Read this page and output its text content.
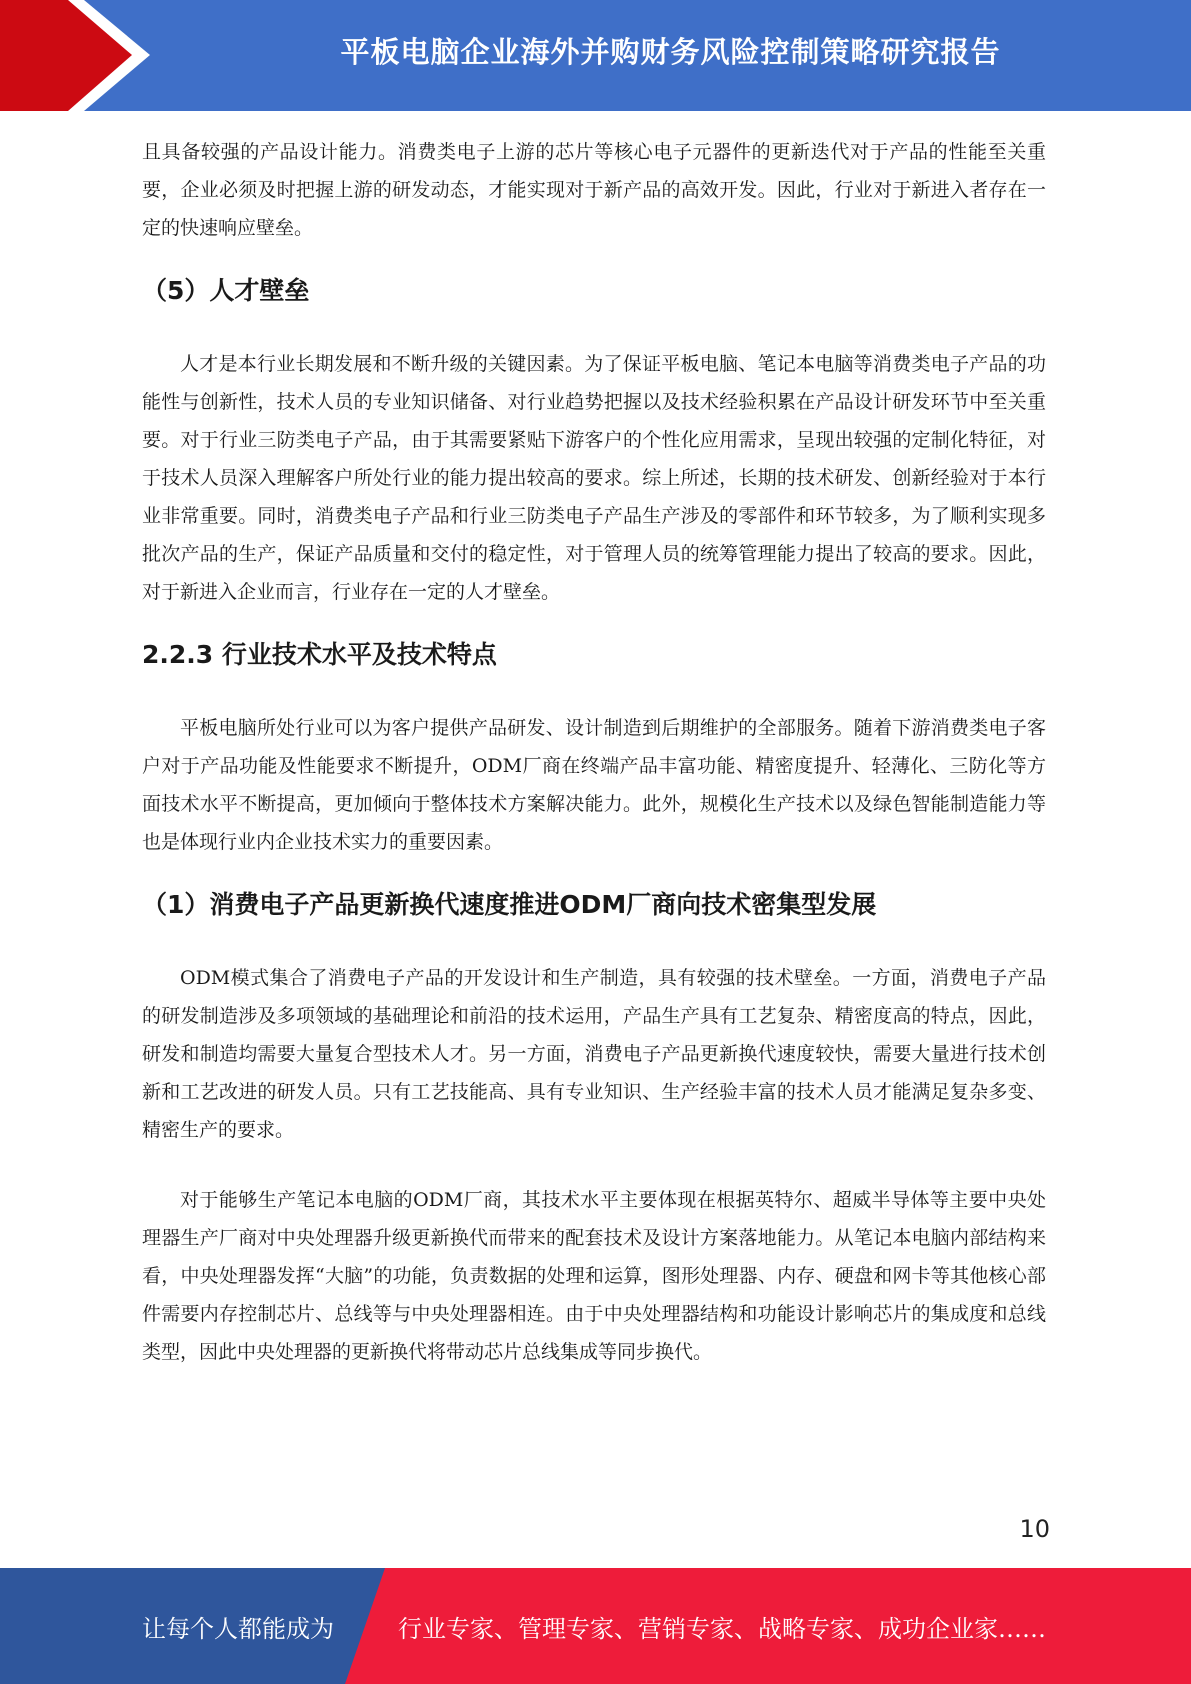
平板电脑企业海外并购财务风险控制策略研究报告

且具备较强的产品设计能力。消费类电子上游的芯片等核心电子元器件的更新迭代对于产品的性能至关重要，企业必须及时把握上游的研发动态，才能实现对于新产品的高效开发。因此，行业对于新进入者存在一定的快速响应壁垒。

（5）人才壁垒

人才是本行业长期发展和不断升级的关键因素。为了保证平板电脑、笔记本电脑等消费类电子产品的功能性与创新性，技术人员的专业知识储备、对行业趋势把握以及技术经验积累在产品设计研发环节中至关重要。对于行业三防类电子产品，由于其需要紧贴下游客户的个性化应用需求，呈现出较强的定制化特征，对于技术人员深入理解客户所处行业的能力提出较高的要求。综上所述，长期的技术研发、创新经验对于本行业非常重要。同时，消费类电子产品和行业三防类电子产品生产涉及的零部件和环节较多，为了顺利实现多批次产品的生产，保证产品质量和交付的稳定性，对于管理人员的统筹管理能力提出了较高的要求。因此，对于新进入企业而言，行业存在一定的人才壁垒。

2.2.3 行业技术水平及技术特点

平板电脑所处行业可以为客户提供产品研发、设计制造到后期维护的全部服务。随着下游消费类电子客户对于产品功能及性能要求不断提升，ODM厂商在终端产品丰富功能、精密度提升、轻薄化、三防化等方面技术水平不断提高，更加倾向于整体技术方案解决能力。此外，规模化生产技术以及绿色智能制造能力等也是体现行业内企业技术实力的重要因素。

（1）消费电子产品更新换代速度推进ODM厂商向技术密集型发展

ODM模式集合了消费电子产品的开发设计和生产制造，具有较强的技术壁垒。一方面，消费电子产品的研发制造涉及多项领域的基础理论和前沿的技术运用，产品生产具有工艺复杂、精密度高的特点，因此，研发和制造均需要大量复合型技术人才。另一方面，消费电子产品更新换代速度较快，需要大量进行技术创新和工艺改进的研发人员。只有工艺技能高、具有专业知识、生产经验丰富的技术人员才能满足复杂多变、精密生产的要求。

对于能够生产笔记本电脑的ODM厂商，其技术水平主要体现在根据英特尔、超威半导体等主要中央处理器生产厂商对中央处理器升级更新换代而带来的配套技术及设计方案落地能力。从笔记本电脑内部结构来看，中央处理器发挥“大脑”的功能，负责数据的处理和运算，图形处理器、内存、硬盘和网卡等其他核心部件需要内存控制芯片、总线等与中央处理器相连。由于中央处理器结构和功能设计影响芯片的集成度和总线类型，因此中央处理器的更新换代将带动芯片总线集成等同步换代。

10
让每个人都能成为	行业专家、管理专家、营销专家、战略专家、成功企业家……
